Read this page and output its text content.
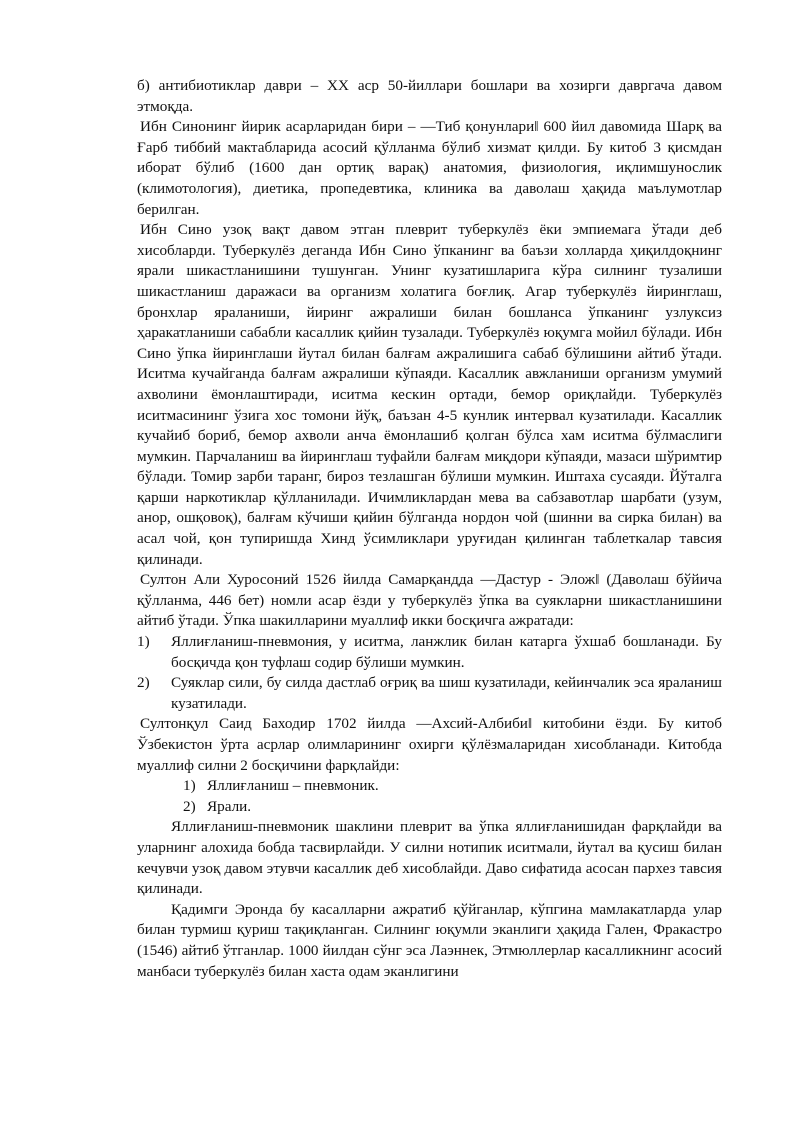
б) антибиотиклар даври – ХХ аср 50-йиллари бошлари ва хозирги давргача давом этмоқда.

Ибн Синонинг йирик асарларидан бири – ―Тиб қонунлари‖ 600 йил давомида Шарқ ва Ғарб тиббий мактабларида асосий қўлланма бўлиб хизмат қилди. Бу китоб 3 қисмдан иборат бўлиб (1600 дан ортиқ варақ) анатомия, физиология, иқлимшунослик (климотология), диетика, пропедевтика, клиника ва даволаш ҳақида маълумотлар берилган.

Ибн Сино узоқ вақт давом этган плеврит туберкулёз ёки эмпиемага ўтади деб хисобларди. Туберкулёз деганда Ибн Сино ўпканинг ва баъзи холларда ҳиқилдоқнинг ярали шикастланишини тушунган. Унинг кузатишларига кўра силнинг тузалиши шикастланиш даражаси ва организм холатига боғлиқ. Агар туберкулёз йиринглаш, бронхлар яраланиши, йиринг ажралиши билан бошланса ўпканинг узлуксиз ҳаракатланиши сабабли касаллик қийин тузалади. Туберкулёз юқумга мойил бўлади. Ибн Сино ўпка йиринглаши йутал билан балғам ажралишига сабаб бўлишини айтиб ўтади. Иситма кучайганда балғам ажралиши кўпаяди. Касаллик авжланиши организм умумий ахволини ёмонлаштиради, иситма кескин ортади, бемор ориқлайди. Туберкулёз иситмасининг ўзига хос томони йўқ, баъзан 4-5 кунлик интервал кузатилади. Касаллик кучайиб бориб, бемор ахволи анча ёмонлашиб қолган бўлса хам иситма бўлмаслиги мумкин. Парчаланиш ва йиринглаш туфайли балғам миқдори кўпаяди, мазаси шўримтир бўлади. Томир зарби таранг, бироз тезлашган бўлиши мумкин. Иштаха сусаяди. Йўталга қарши наркотиклар қўлланилади. Ичимликлардан мева ва сабзавотлар шарбати (узум, анор, ошқовоқ), балғам кўчиши қийин бўлганда нордон чой (шинни ва сирка билан) ва асал чой, қон тупиришда Хинд ўсимликлари уруғидан қилинган таблеткалар тавсия қилинади.

Султон Али Хуросоний 1526 йилда Самарқандда ―Дастур - Элож‖ (Даволаш бўйича қўлланма, 446 бет) номли асар ёзди у туберкулёз ўпка ва суякларни шикастланишини айтиб ўтади. Ўпка шакилларини муаллиф икки босқичга ажратади:

1) Яллиғланиш-пневмония, у иситма, ланжлик билан катарга ўхшаб бошланади. Бу босқичда қон туфлаш содир бўлиши мумкин.
2) Суяклар сили, бу силда дастлаб оғриқ ва шиш кузатилади, кейинчалик эса яраланиш кузатилади.

Султонқул Саид Баходир 1702 йилда ―Ахсий-Албиби‖ китобини ёзди. Бу китоб Ўзбекистон ўрта асрлар олимларининг охирги қўлёзмаларидан хисобланади. Китобда муаллиф силни 2 босқичини фарқлайди:

1) Яллиғланиш – пневмоник.
2) Ярали.

Яллиғланиш-пневмоник шаклини плеврит ва ўпка яллиғланишидан фарқлайди ва уларнинг алохида бобда тасвирлайди. У силни нотипик иситмали, йутал ва қусиш билан кечувчи узоқ давом этувчи касаллик деб хисоблайди. Даво сифатида асосан пархез тавсия қилинади.

Қадимги Эронда бу касалларни ажратиб қўйганлар, кўпгина мамлакатларда улар билан турмиш қуриш тақиқланган. Силнинг юқумли эканлиги ҳақида Гален, Фракастро (1546) айтиб ўтганлар. 1000 йилдан сўнг эса Лаэннек, Этмюллерлар касалликнинг асосий манбаси туберкулёз билан хаста одам эканлигини
